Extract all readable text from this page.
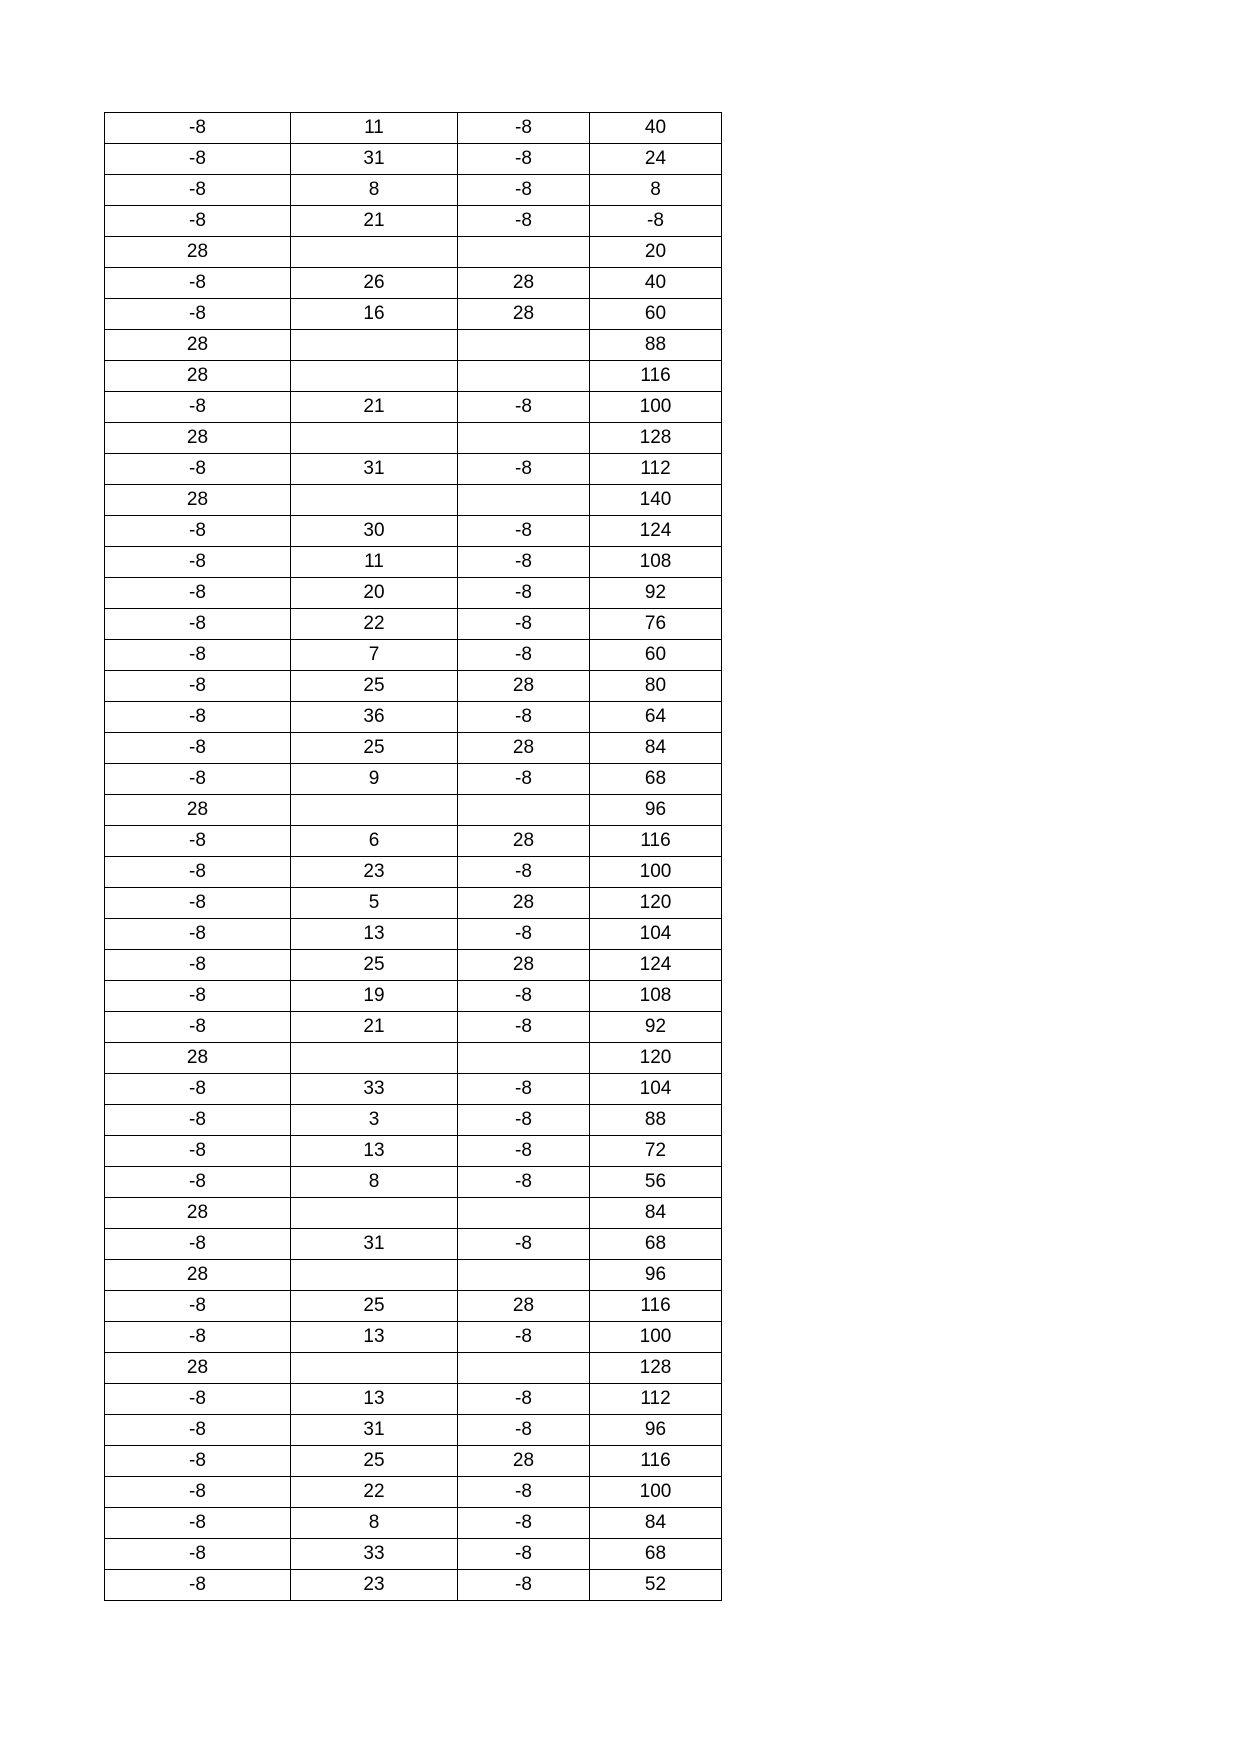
-8	11	-8	40
-8	31	-8	24
-8	8	-8	8
-8	21	-8	-8
28			20
-8	26	28	40
-8	16	28	60
28			88
28			116
-8	21	-8	100
28			128
-8	31	-8	112
28			140
-8	30	-8	124
-8	11	-8	108
-8	20	-8	92
-8	22	-8	76
-8	7	-8	60
-8	25	28	80
-8	36	-8	64
-8	25	28	84
-8	9	-8	68
28			96
-8	6	28	116
-8	23	-8	100
-8	5	28	120
-8	13	-8	104
-8	25	28	124
-8	19	-8	108
-8	21	-8	92
28			120
-8	33	-8	104
-8	3	-8	88
-8	13	-8	72
-8	8	-8	56
28			84
-8	31	-8	68
28			96
-8	25	28	116
-8	13	-8	100
28			128
-8	13	-8	112
-8	31	-8	96
-8	25	28	116
-8	22	-8	100
-8	8	-8	84
-8	33	-8	68
-8	23	-8	52
